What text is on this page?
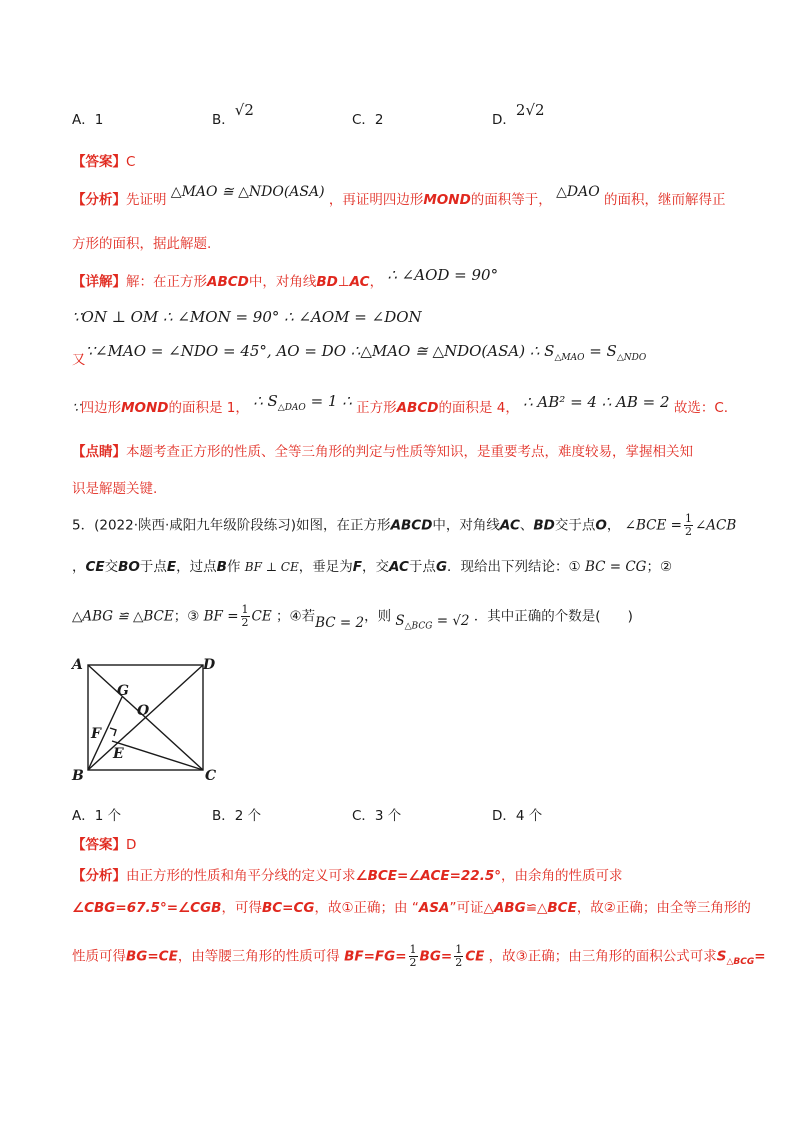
A．1	B．√2
C．2	D．2√2
【答案】C
【分析】先证明 △MAO ≅ △NDO(ASA) ，再证明四边形MOND的面积等于， △DAO 的面积，继而解得正
方形的面积，据此解题.
【详解】解：在正方形ABCD中，对角线BD⊥AC， ∴ ∠AOD = 90°
∵ON ⊥ OM ∴ ∠MON = 90° ∴ ∠AOM = ∠DON
又∵∠MAO = ∠NDO = 45°, AO = DO ∴△MAO ≅ △NDO(ASA) ∴ $S_{\triangle MAO} = S_{\triangle NDO}$
∵四边形MOND的面积是 1， ∴ $S_{\triangle DAO} = 1$ ∴ 正方形ABCD的面积是 4， ∴ AB² = 4 ∴ AB = 2 故选：C.
【点睛】本题考查正方形的性质、全等三角形的判定与性质等知识，是重要考点，难度较易，掌握相关知
识是解题关键.
5．(2022·陕西·咸阳九年级阶段练习)如图，在正方形ABCD中，对角线AC、BD交于点O， ∠BCE = $\frac{1}{2}$ ∠ACB
，CE交BO于点E，过点B作 BF ⊥ CE，垂足为F，交AC于点G．现给出下列结论：① BC = CG；②
△ABG ≌ △BCE；③ BF = $\frac{1}{2}$ CE ；④若BC = 2，则 $S_{\triangle BCG} = √2$ ．其中正确的个数是(　　)
A
B	C
D
G
O
F
E
A．1 个	B．2 个	C．3 个	D．4 个
【答案】D
【分析】由正方形的性质和角平分线的定义可求∠BCE=∠ACE=22.5°，由余角的性质可求
∠CBG=67.5°=∠CGB，可得BC=CG，故①正确；由 “ASA”可证△ABG≌△BCE，故②正确；由全等三角形的
性质可得BG=CE，由等腰三角形的性质可得 $BF=FG= \frac{1}{2} BG= \frac{1}{2}$ CE ，故③正确；由三角形的面积公式可求$S_{\triangle BCG}=$
